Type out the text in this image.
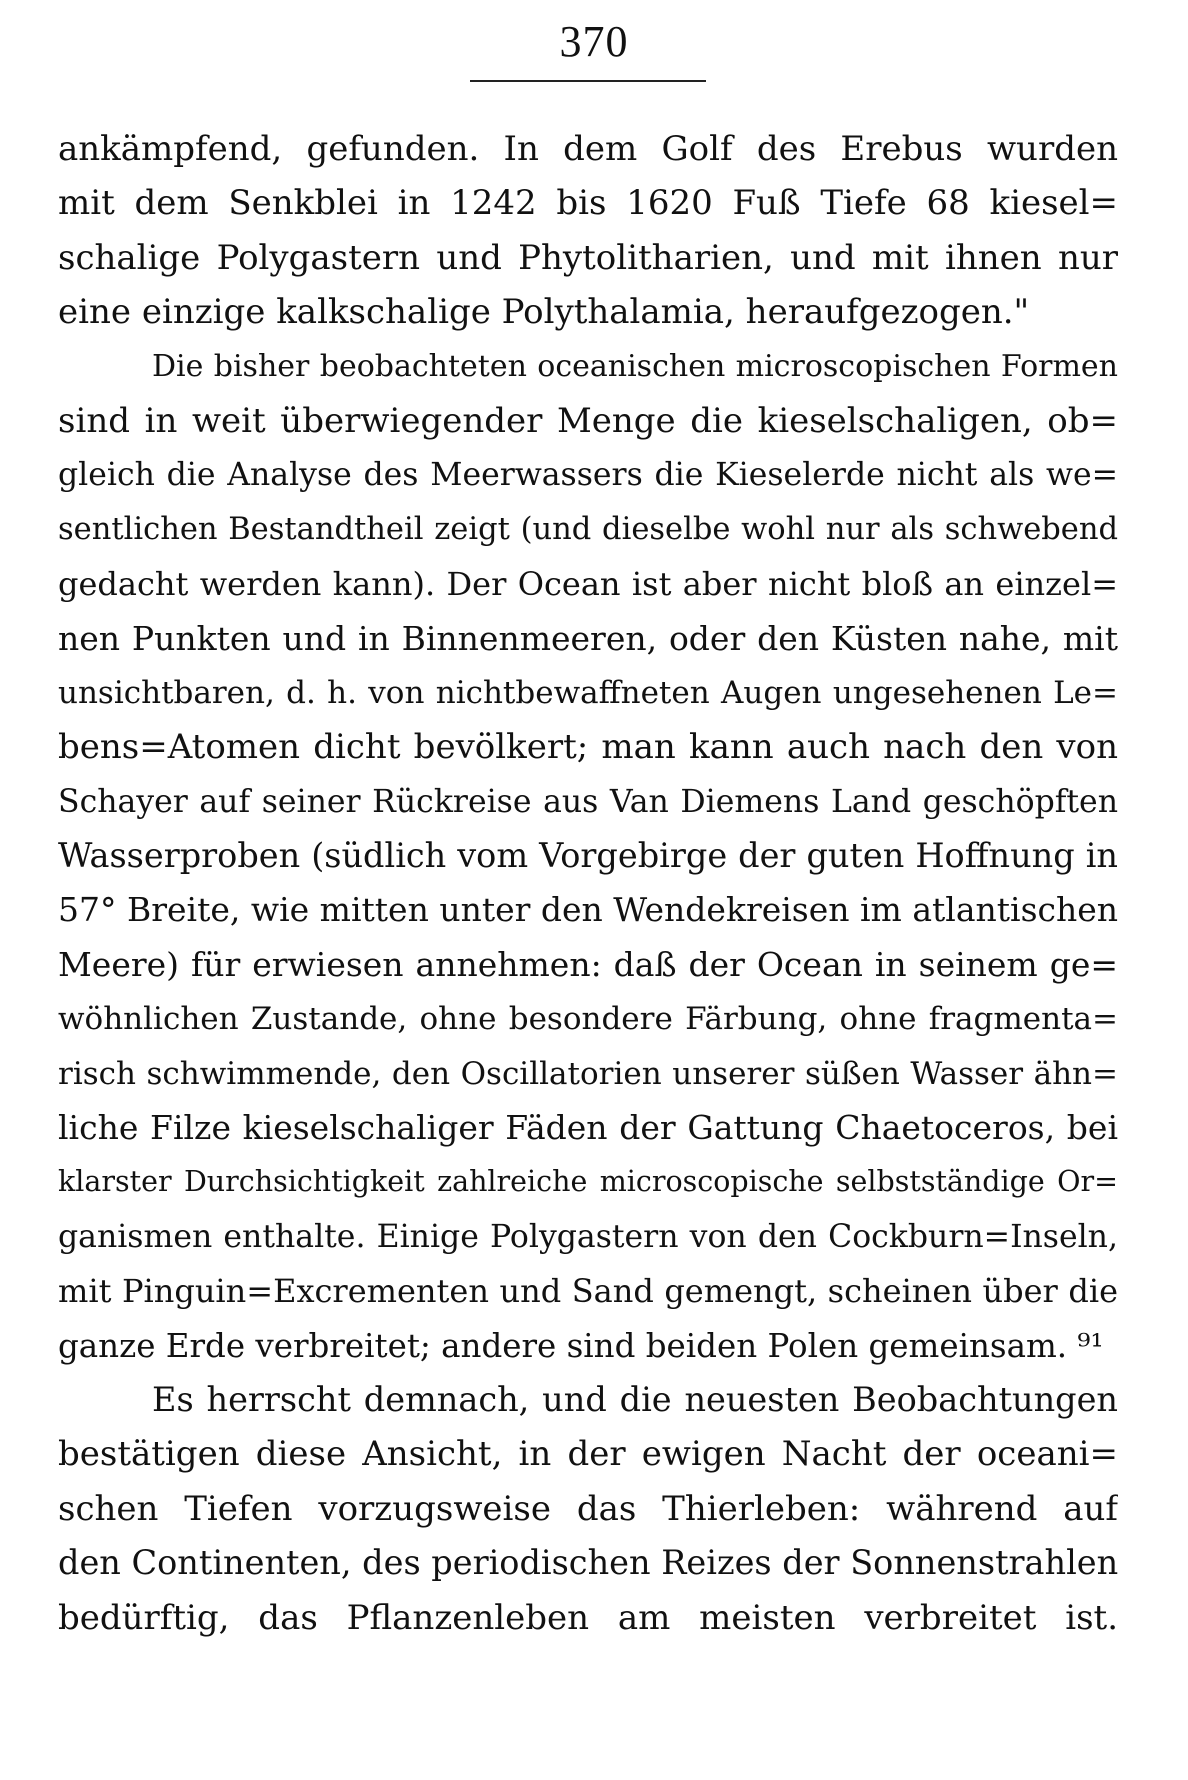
370
ankämpfend, gefunden. In dem Golf des Erebus wurden
mit dem Senkblei in 1242 bis 1620 Fuß Tiefe 68 kiesel=
schalige Polygastern und Phytolitharien, und mit ihnen nur
eine einzige kalkschalige Polythalamia, heraufgezogen."
Die bisher beobachteten oceanischen microscopischen Formen
sind in weit überwiegender Menge die kieselschaligen, ob=
gleich die Analyse des Meerwassers die Kieselerde nicht als we=
sentlichen Bestandtheil zeigt (und dieselbe wohl nur als schwebend
gedacht werden kann). Der Ocean ist aber nicht bloß an einzel=
nen Punkten und in Binnenmeeren, oder den Küsten nahe, mit
unsichtbaren, d. h. von nichtbewaffneten Augen ungesehenen Le=
bens=Atomen dicht bevölkert; man kann auch nach den von
Schayer auf seiner Rückreise aus Van Diemens Land geschöpften
Wasserproben (südlich vom Vorgebirge der guten Hoffnung in
57° Breite, wie mitten unter den Wendekreisen im atlantischen
Meere) für erwiesen annehmen: daß der Ocean in seinem ge=
wöhnlichen Zustande, ohne besondere Färbung, ohne fragmenta=
risch schwimmende, den Oscillatorien unserer süßen Wasser ähn=
liche Filze kieselschaliger Fäden der Gattung Chaetoceros, bei
klarster Durchsichtigkeit zahlreiche microscopische selbstständige Or=
ganismen enthalte. Einige Polygastern von den Cockburn=Inseln,
mit Pinguin=Excrementen und Sand gemengt, scheinen über die
ganze Erde verbreitet; andere sind beiden Polen gemeinsam. ⁹¹
Es herrscht demnach, und die neuesten Beobachtungen
bestätigen diese Ansicht, in der ewigen Nacht der oceani=
schen Tiefen vorzugsweise das Thierleben: während auf
den Continenten, des periodischen Reizes der Sonnenstrahlen
bedürftig, das Pflanzenleben am meisten verbreitet ist.
